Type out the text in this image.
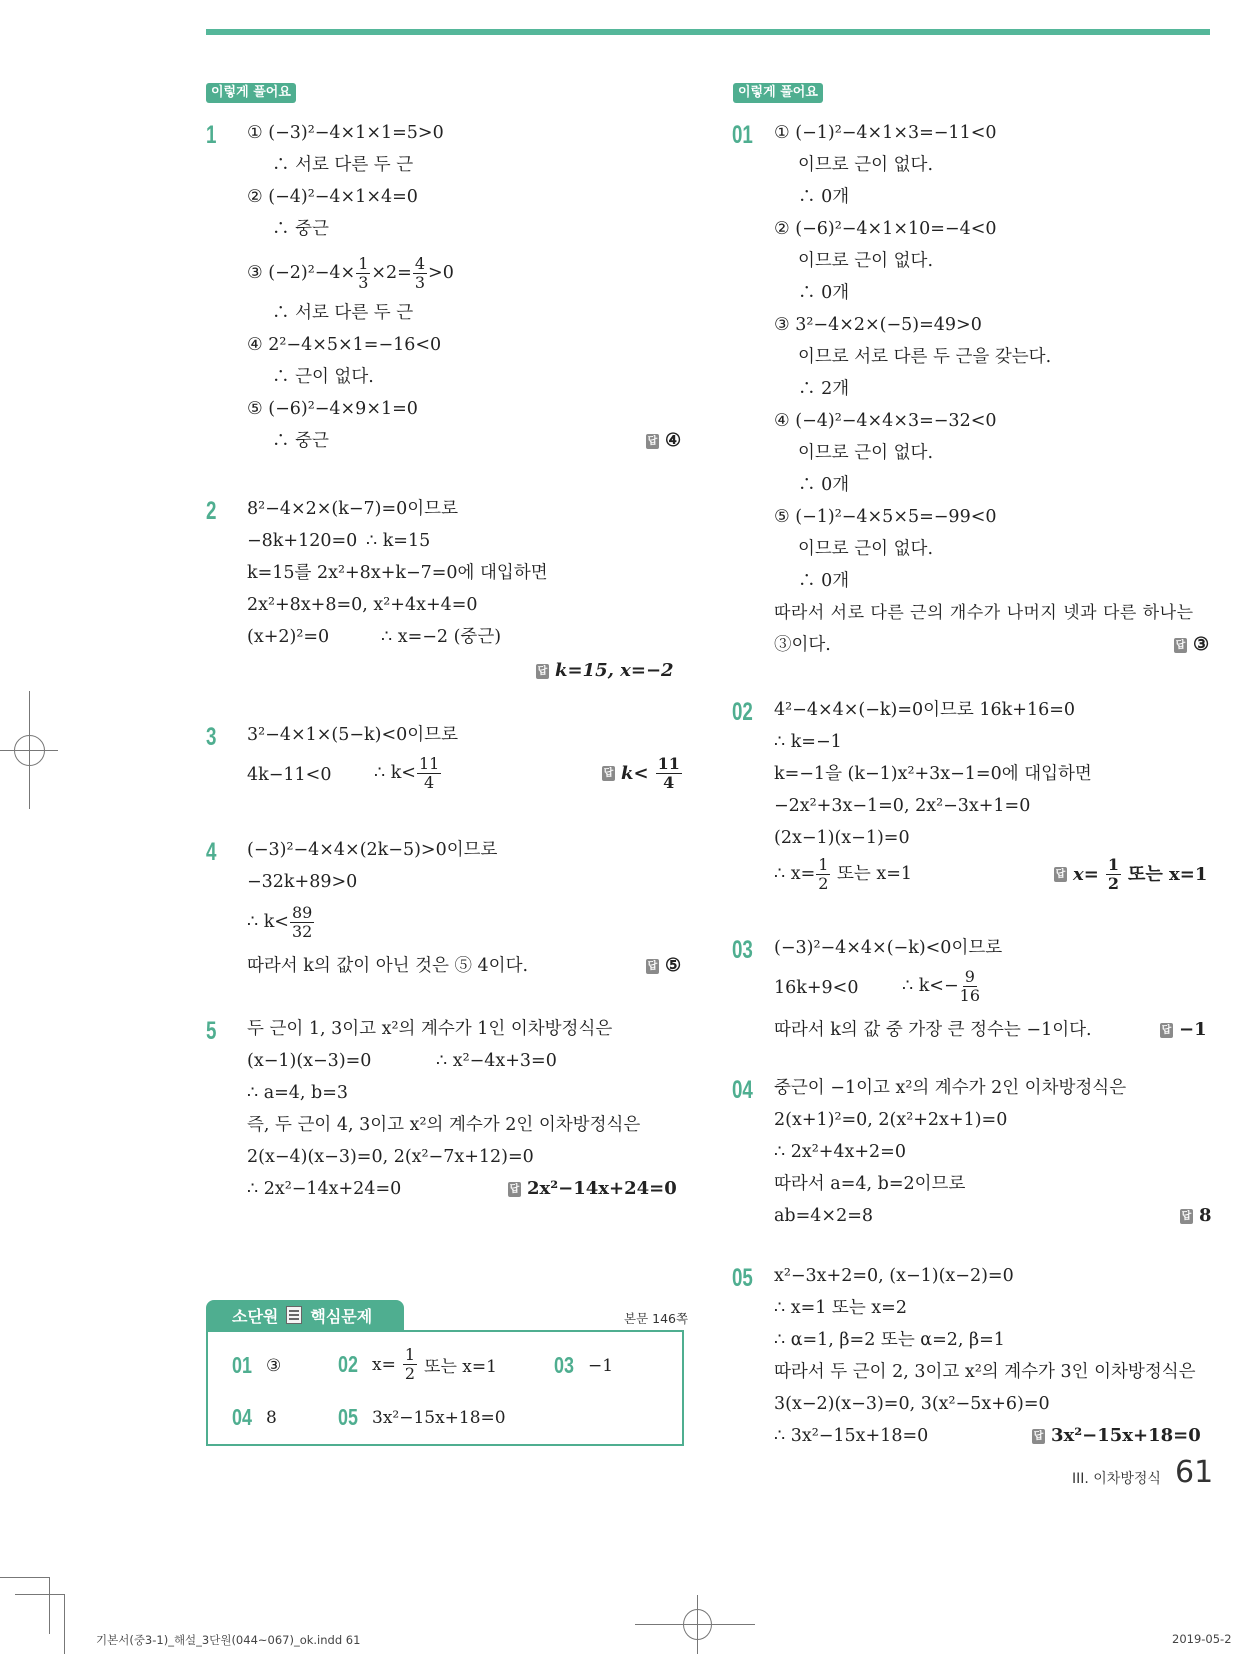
이렇게 풀어요
1 ① (−3)²−4×1×1=5>0
∴ 서로 다른 두 근
② (−4)²−4×1×4=0
∴ 중근
③ $(-2)^2-4\times \frac{1}{3} \times 2= \frac{4}{3} >0$
∴ 서로 다른 두 근
④ 2²−4×5×1=−16<0
∴ 근이 없다.
⑤ (−6)²−4×9×1=0
∴ 중근	답 ④
2 8²−4×2×(k−7)=0이므로
−8k+120=0 ∴ k=15
k=15를 2x²+8x+k−7=0에 대입하면
2x²+8x+8=0, x²+4x+4=0
(x+2)²=0	∴ x=−2 (중근)
답 k=15, x=−2
3 3²−4×1×(5−k)<0이므로
4k−11<0 ∴ $k< \frac{11}{4}$	답 $k< \frac{11}{4}$
4 (−3)²−4×4×(2k−5)>0이므로
−32k+89>0
∴ $k< \frac{89}{32}$
따라서 k의 값이 아닌 것은 ⑤ 4이다.	답 ⑤
5 두 근이 1, 3이고 x²의 계수가 1인 이차방정식은
(x−1)(x−3)=0	∴ x²−4x+3=0
∴ a=4, b=3
즉, 두 근이 4, 3이고 x²의 계수가 2인 이차방정식은
2(x−4)(x−3)=0, 2(x²−7x+12)=0
∴ 2x²−14x+24=0	답 2x²−14x+24=0
소단원 핵심문제	본문 146쪽
01 ③ 02 $x= \frac{1}{2}$ 또는 x=1 03 −1
04 8	05 3x²−15x+18=0
이렇게 풀어요
01 ① (−1)²−4×1×3=−11<0
이므로 근이 없다.
∴ 0개
② (−6)²−4×1×10=−4<0
이므로 근이 없다.
∴ 0개
③ 3²−4×2×(−5)=49>0
이므로 서로 다른 두 근을 갖는다.
∴ 2개
④ (−4)²−4×4×3=−32<0
이므로 근이 없다.
∴ 0개
⑤ (−1)²−4×5×5=−99<0
이므로 근이 없다.
∴ 0개
따라서 서로 다른 근의 개수가 나머지 넷과 다른 하나는
③이다.	답 ③
02 4²−4×4×(−k)=0이므로 16k+16=0
∴ k=−1
k=−1을 (k−1)x²+3x−1=0에 대입하면
−2x²+3x−1=0, 2x²−3x+1=0
(2x−1)(x−1)=0
∴ $x= \frac{1}{2}$ 또는 x=1	답 $x= \frac{1}{2}$ 또는 x=1
03 (−3)²−4×4×(−k)<0이므로
16k+9<0 ∴ $k<- \frac{9}{16}$
따라서 k의 값 중 가장 큰 정수는 −1이다.	답 −1
04 중근이 −1이고 x²의 계수가 2인 이차방정식은
2(x+1)²=0, 2(x²+2x+1)=0
∴ 2x²+4x+2=0
따라서 a=4, b=2이므로
ab=4×2=8	답 8
05 x²−3x+2=0, (x−1)(x−2)=0
∴ x=1 또는 x=2
∴ α=1, β=2 또는 α=2, β=1
따라서 두 근이 2, 3이고 x²의 계수가 3인 이차방정식은
3(x−2)(x−3)=0, 3(x²−5x+6)=0
∴ 3x²−15x+18=0	답 3x²−15x+18=0
III. 이차방정식 61
기본서(중3-1)_해설_3단원(044~067)_ok.indd 61	2019-05-2
